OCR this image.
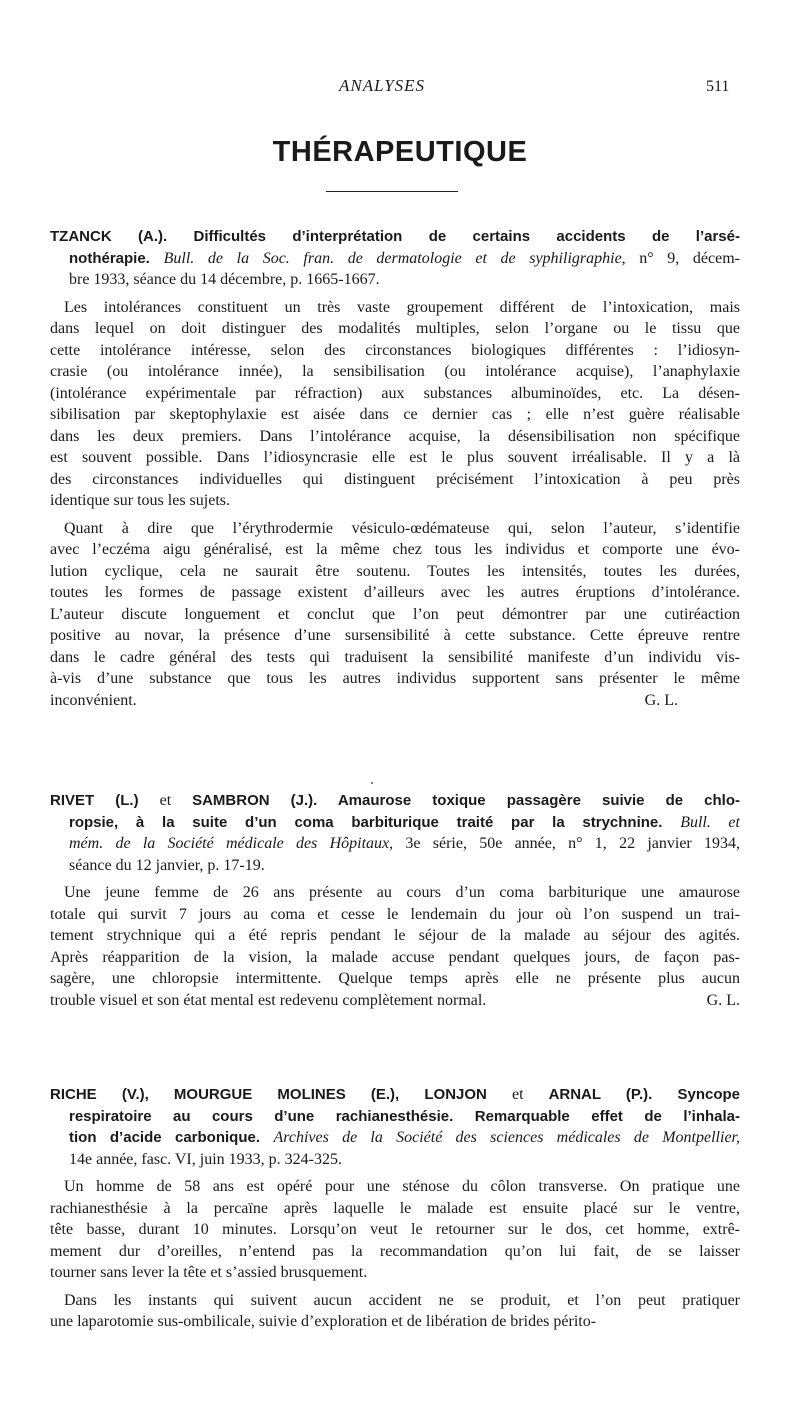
ANALYSES	511
THÉRAPEUTIQUE
TZANCK (A.). Difficultés d’interprétation de certains accidents de l’arsé-
nothérapie. Bull. de la Soc. fran. de dermatologie et de syphiligraphie, n° 9, décem-
bre 1933, séance du 14 décembre, p. 1665-1667.
Les intolérances constituent un très vaste groupement différent de l’intoxication, mais
dans lequel on doit distinguer des modalités multiples, selon l’organe ou le tissu que
cette intolérance intéresse, selon des circonstances biologiques différentes : l’idiosyn-
crasie (ou intolérance innée), la sensibilisation (ou intolérance acquise), l’anaphylaxie
(intolérance expérimentale par réfraction) aux substances albuminoïdes, etc. La désen-
sibilisation par skeptophylaxie est aisée dans ce dernier cas ; elle n’est guère réalisable
dans les deux premiers. Dans l’intolérance acquise, la désensibilisation non spécifique
est souvent possible. Dans l’idiosyncrasie elle est le plus souvent irréalisable. Il y a là
des circonstances individuelles qui distinguent précisément l’intoxication à peu près
identique sur tous les sujets.
Quant à dire que l’érythrodermie vésiculo-œdémateuse qui, selon l’auteur, s’identifie
avec l’eczéma aigu généralisé, est la même chez tous les individus et comporte une évo-
lution cyclique, cela ne saurait être soutenu. Toutes les intensités, toutes les durées,
toutes les formes de passage existent d’ailleurs avec les autres éruptions d’intolérance.
L’auteur discute longuement et conclut que l’on peut démontrer par une cutiréaction
positive au novar, la présence d’une sursensibilité à cette substance. Cette épreuve rentre
dans le cadre général des tests qui traduisent la sensibilité manifeste d’un individu vis-
à-vis d’une substance que tous les autres individus supportent sans présenter le même
inconvénient.	G. L.
RIVET (L.) et SAMBRON (J.). Amaurose toxique passagère suivie de chlo-
ropsie, à la suite d’un coma barbiturique traité par la strychnine. Bull. et
mém. de la Société médicale des Hôpitaux, 3e série, 50e année, n° 1, 22 janvier 1934,
séance du 12 janvier, p. 17-19.
Une jeune femme de 26 ans présente au cours d’un coma barbiturique une amaurose
totale qui survit 7 jours au coma et cesse le lendemain du jour où l’on suspend un trai-
tement strychnique qui a été repris pendant le séjour de la malade au séjour des agités.
Après réapparition de la vision, la malade accuse pendant quelques jours, de façon pas-
sagère, une chloropsie intermittente. Quelque temps après elle ne présente plus aucun
trouble visuel et son état mental est redevenu complètement normal.	G. L.
RICHE (V.), MOURGUE MOLINES (E.), LONJON et ARNAL (P.). Syncope
respiratoire au cours d’une rachianesthésie. Remarquable effet de l’inhala-
tion d’acide carbonique. Archives de la Société des sciences médicales de Montpellier,
14e année, fasc. VI, juin 1933, p. 324-325.
Un homme de 58 ans est opéré pour une sténose du côlon transverse. On pratique une
rachianesthésie à la percaïne après laquelle le malade est ensuite placé sur le ventre,
tête basse, durant 10 minutes. Lorsqu’on veut le retourner sur le dos, cet homme, extrê-
mement dur d’oreilles, n’entend pas la recommandation qu’on lui fait, de se laisser
tourner sans lever la tête et s’assied brusquement.
Dans les instants qui suivent aucun accident ne se produit, et l’on peut pratiquer
une laparotomie sus-ombilicale, suivie d’exploration et de libération de brides périto-
